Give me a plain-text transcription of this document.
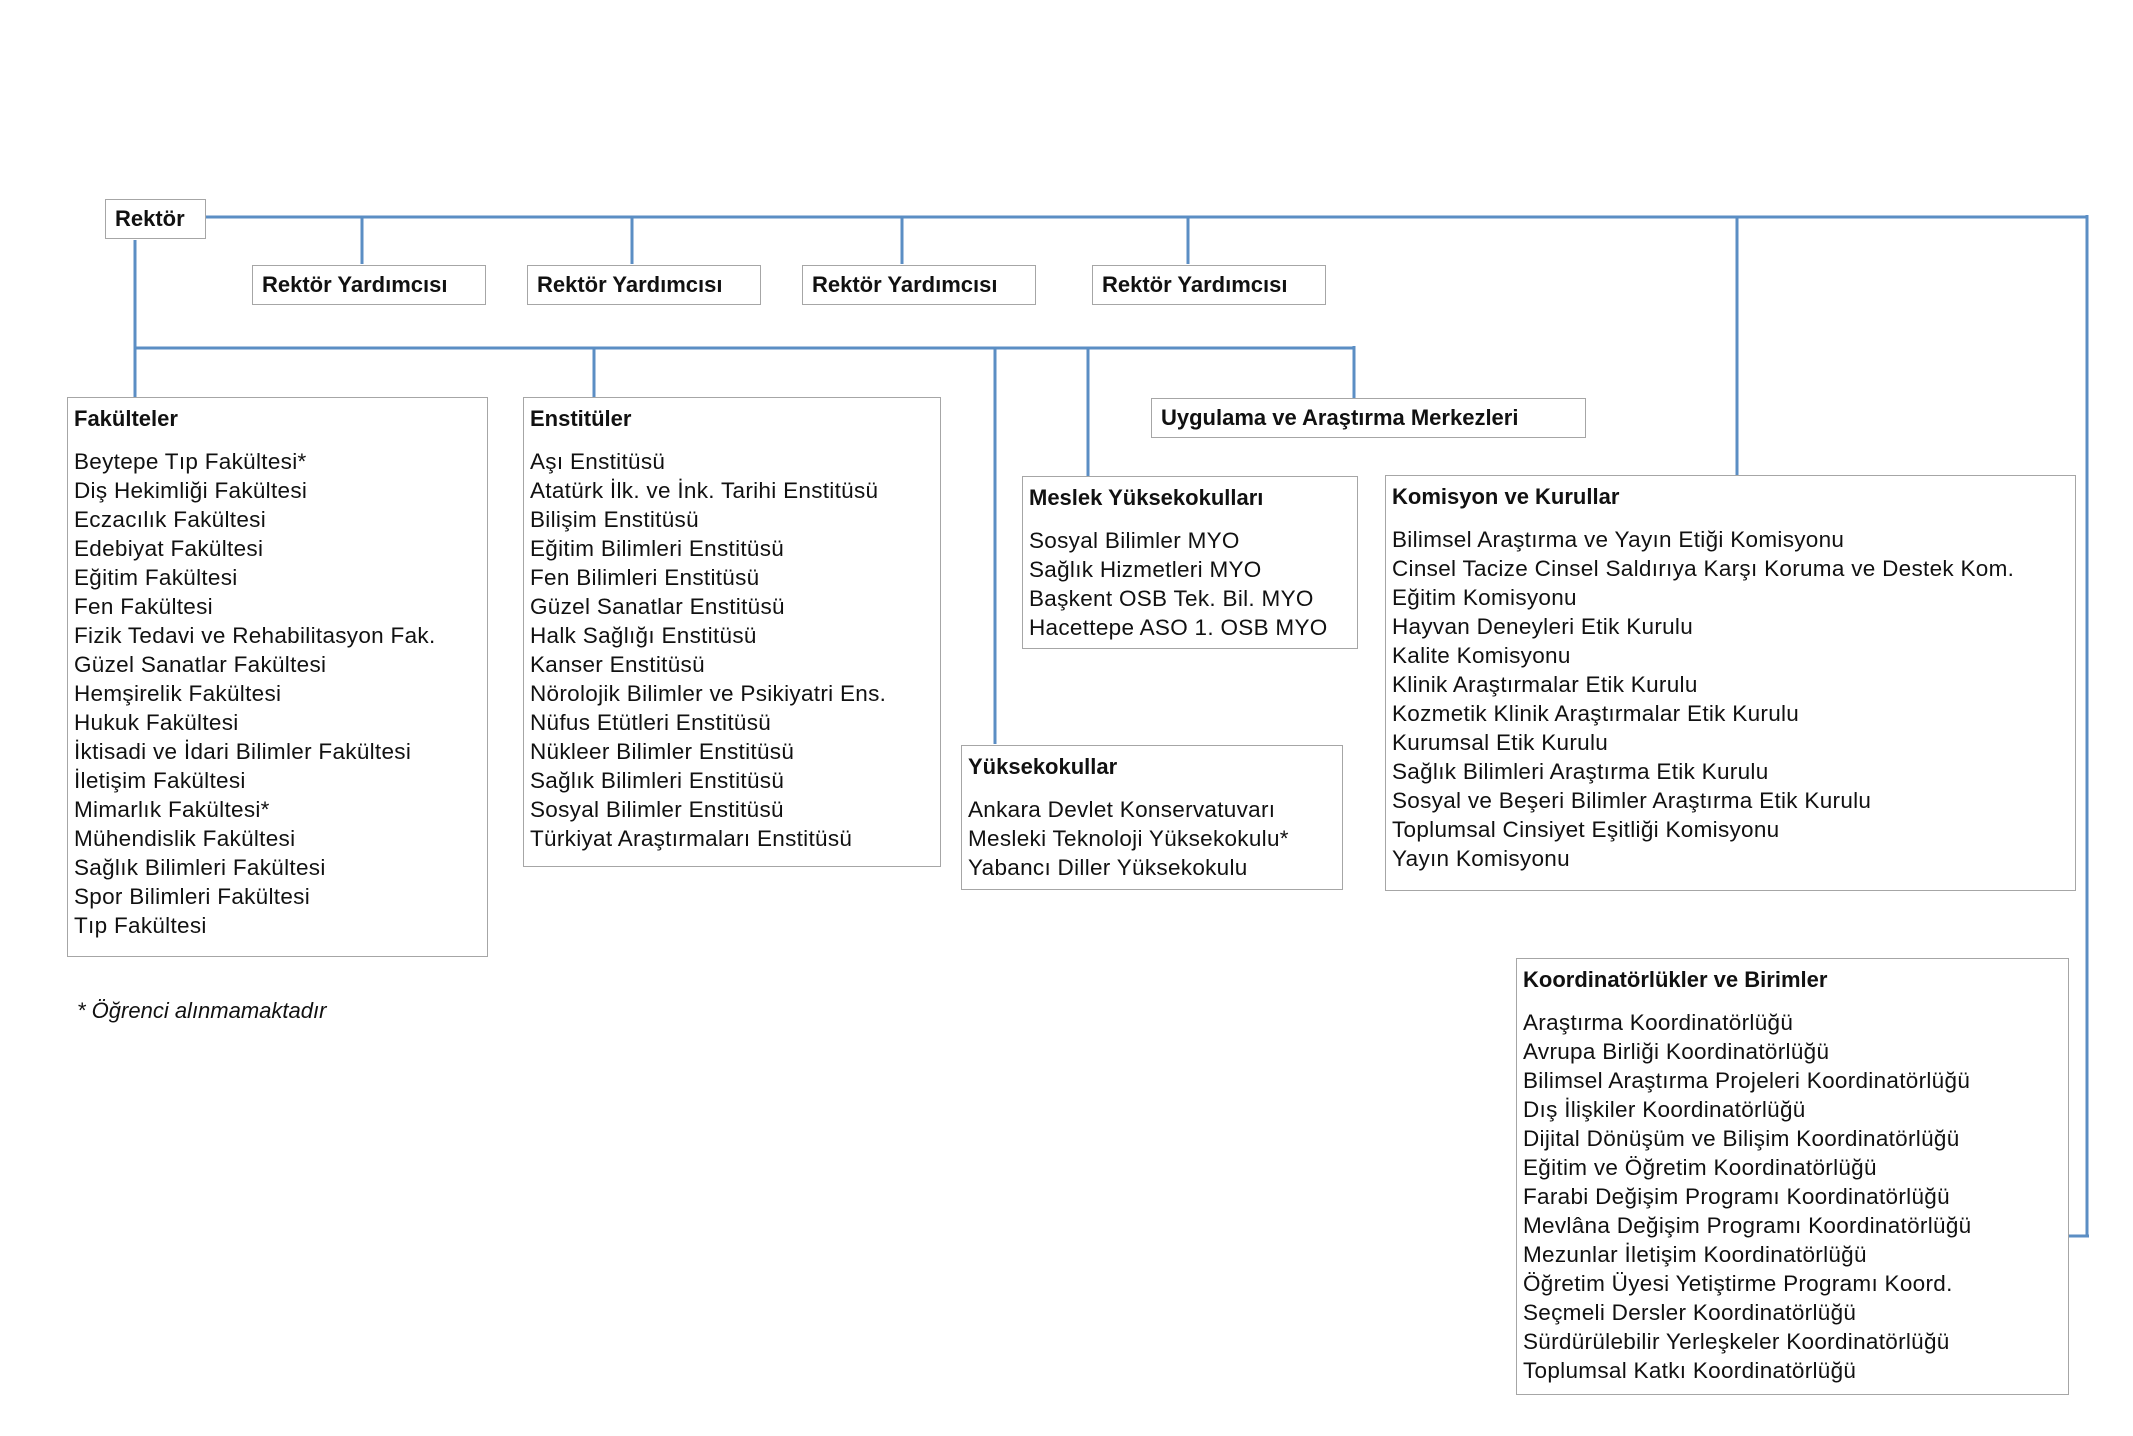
Rektör
Rektör Yardımcısı	Rektör Yardımcısı	Rektör Yardımcısı	Rektör Yardımcısı
Uygulama ve Araştırma Merkezleri
Fakülteler
Beytepe Tıp Fakültesi*
Diş Hekimliği Fakültesi
Eczacılık Fakültesi
Edebiyat Fakültesi
Eğitim Fakültesi
Fen Fakültesi
Fizik Tedavi ve Rehabilitasyon Fak.
Güzel Sanatlar Fakültesi
Hemşirelik Fakültesi
Hukuk Fakültesi
İktisadi ve İdari Bilimler Fakültesi
İletişim Fakültesi
Mimarlık Fakültesi*
Mühendislik Fakültesi
Sağlık Bilimleri Fakültesi
Spor Bilimleri Fakültesi
Tıp Fakültesi
Enstitüler
Aşı Enstitüsü
Atatürk İlk. ve İnk. Tarihi Enstitüsü
Bilişim Enstitüsü
Eğitim Bilimleri Enstitüsü
Fen Bilimleri Enstitüsü
Güzel Sanatlar Enstitüsü
Halk Sağlığı Enstitüsü
Kanser Enstitüsü
Nörolojik Bilimler ve Psikiyatri Ens.
Nüfus Etütleri Enstitüsü
Nükleer Bilimler Enstitüsü
Sağlık Bilimleri Enstitüsü
Sosyal Bilimler Enstitüsü
Türkiyat Araştırmaları Enstitüsü
Meslek Yüksekokulları
Sosyal Bilimler MYO
Sağlık Hizmetleri MYO
Başkent OSB Tek. Bil. MYO
Hacettepe ASO 1. OSB MYO
Yüksekokullar
Ankara Devlet Konservatuvarı
Mesleki Teknoloji Yüksekokulu*
Yabancı Diller Yüksekokulu
Komisyon ve Kurullar
Bilimsel Araştırma ve Yayın Etiği Komisyonu
Cinsel Tacize Cinsel Saldırıya Karşı Koruma ve Destek Kom.
Eğitim Komisyonu
Hayvan Deneyleri Etik Kurulu
Kalite Komisyonu
Klinik Araştırmalar Etik Kurulu
Kozmetik Klinik Araştırmalar Etik Kurulu
Kurumsal Etik Kurulu
Sağlık Bilimleri Araştırma Etik Kurulu
Sosyal ve Beşeri Bilimler Araştırma Etik Kurulu
Toplumsal Cinsiyet Eşitliği Komisyonu
Yayın Komisyonu
Koordinatörlükler ve Birimler
Araştırma Koordinatörlüğü
Avrupa Birliği Koordinatörlüğü
Bilimsel Araştırma Projeleri Koordinatörlüğü
Dış İlişkiler Koordinatörlüğü
Dijital Dönüşüm ve Bilişim Koordinatörlüğü
Eğitim ve Öğretim Koordinatörlüğü
Farabi Değişim Programı Koordinatörlüğü
Mevlâna Değişim Programı Koordinatörlüğü
Mezunlar İletişim Koordinatörlüğü
Öğretim Üyesi Yetiştirme Programı Koord.
Seçmeli Dersler Koordinatörlüğü
Sürdürülebilir Yerleşkeler Koordinatörlüğü
Toplumsal Katkı Koordinatörlüğü
* Öğrenci alınmamaktadır
